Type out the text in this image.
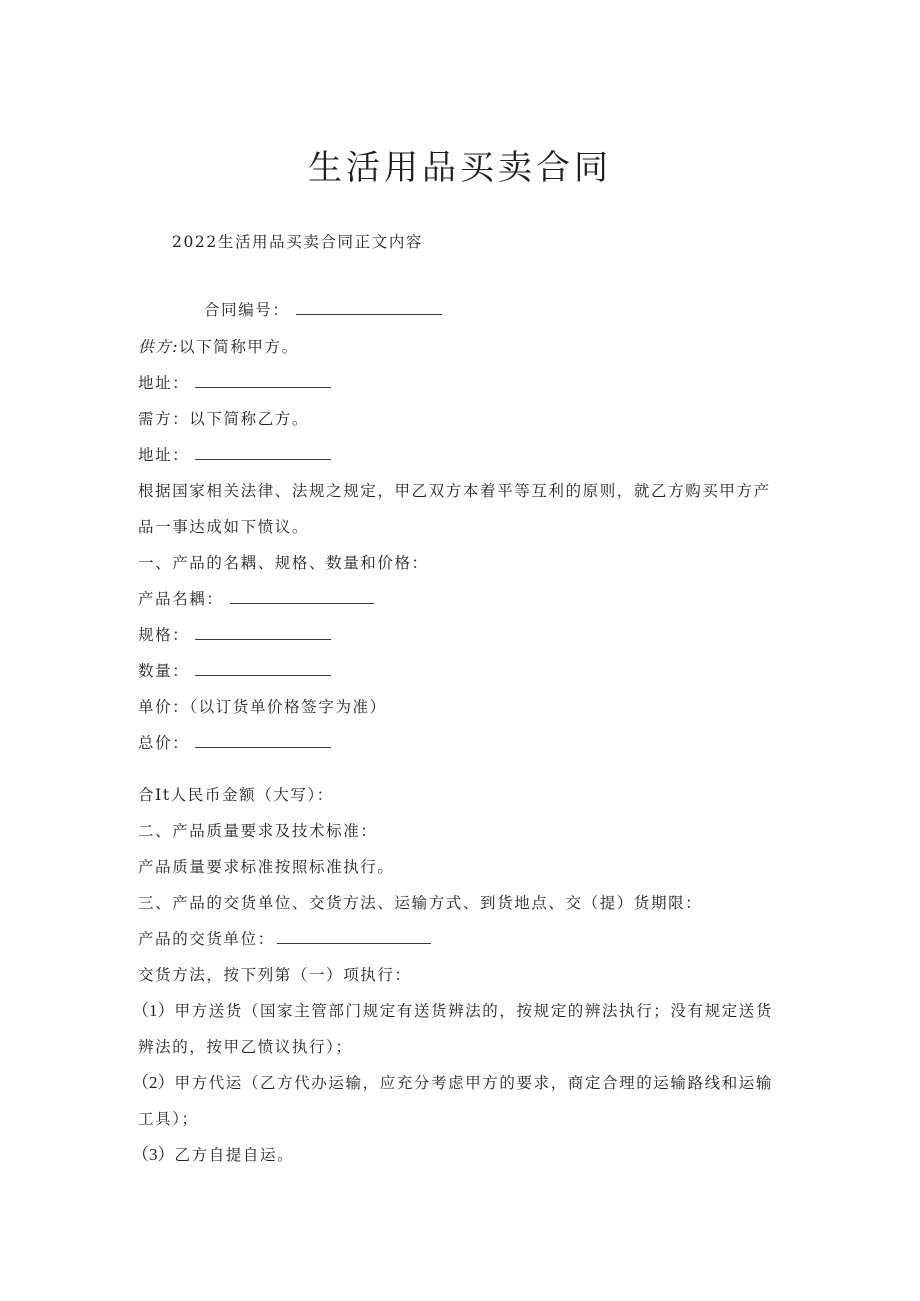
生活用品买卖合同
2022生活用品买卖合同正文内容
合同编号：
供方:以下简称甲方。
地址：
需方：以下简称乙方。
地址：
根据国家相关法律、法规之规定，甲乙双方本着平等互利的原则，就乙方购买甲方产
品一事达成如下愤议。
一、产品的名耦、规格、数量和价格：
产品名耦：
规格：
数量：
单价：（以订货单价格签字为准）
总价：
合It人民币金额（大写）：
二、产品质量要求及技术标准：
产品质量要求标准按照标准执行。
三、产品的交货单位、交货方法、运输方式、到货地点、交（提）货期限：
产品的交货单位：
交货方法，按下列第（一）项执行：
（1）甲方送货（国家主管部门规定有送货辨法的，按规定的辨法执行；没有规定送货
辨法的，按甲乙愤议执行）；
（2）甲方代运（乙方代办运输，应充分考虑甲方的要求，商定合理的运输路线和运输
工具）；
（3）乙方自提自运。
